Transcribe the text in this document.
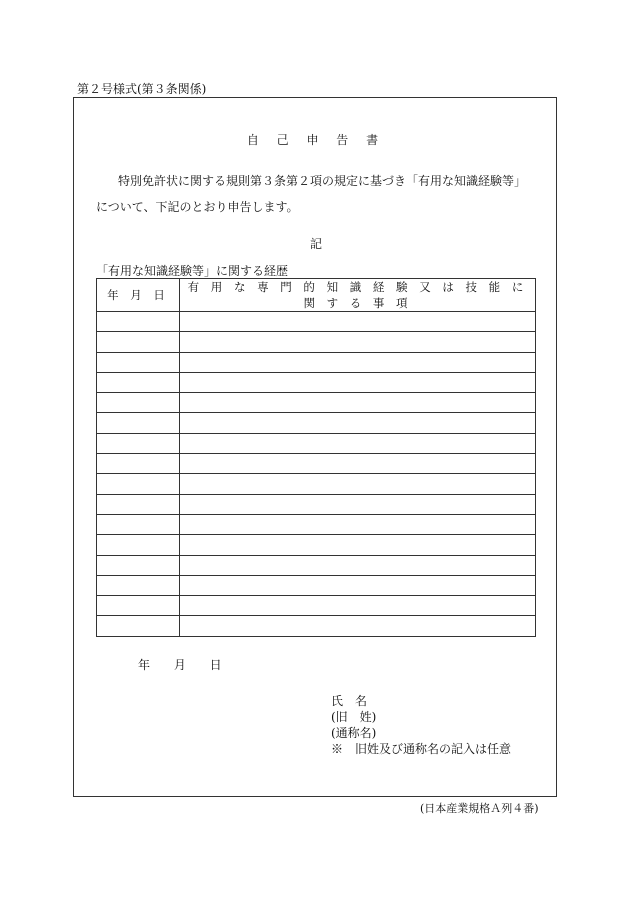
第２号様式(第３条関係)
自 己 申 告 書
特別免許状に関する規則第３条第２項の規定に基づき「有用な知識経験等」について、下記のとおり申告します。
記
「有用な知識経験等」に関する経歴
年 月 日	有 用 な 専 門 的 知 識 経 験 又 は 技 能 に 関 す る 事 項

年 月 日
氏　名
(旧　姓)
(通称名)
※　旧姓及び通称名の記入は任意
(日本産業規格Ａ列４番)
